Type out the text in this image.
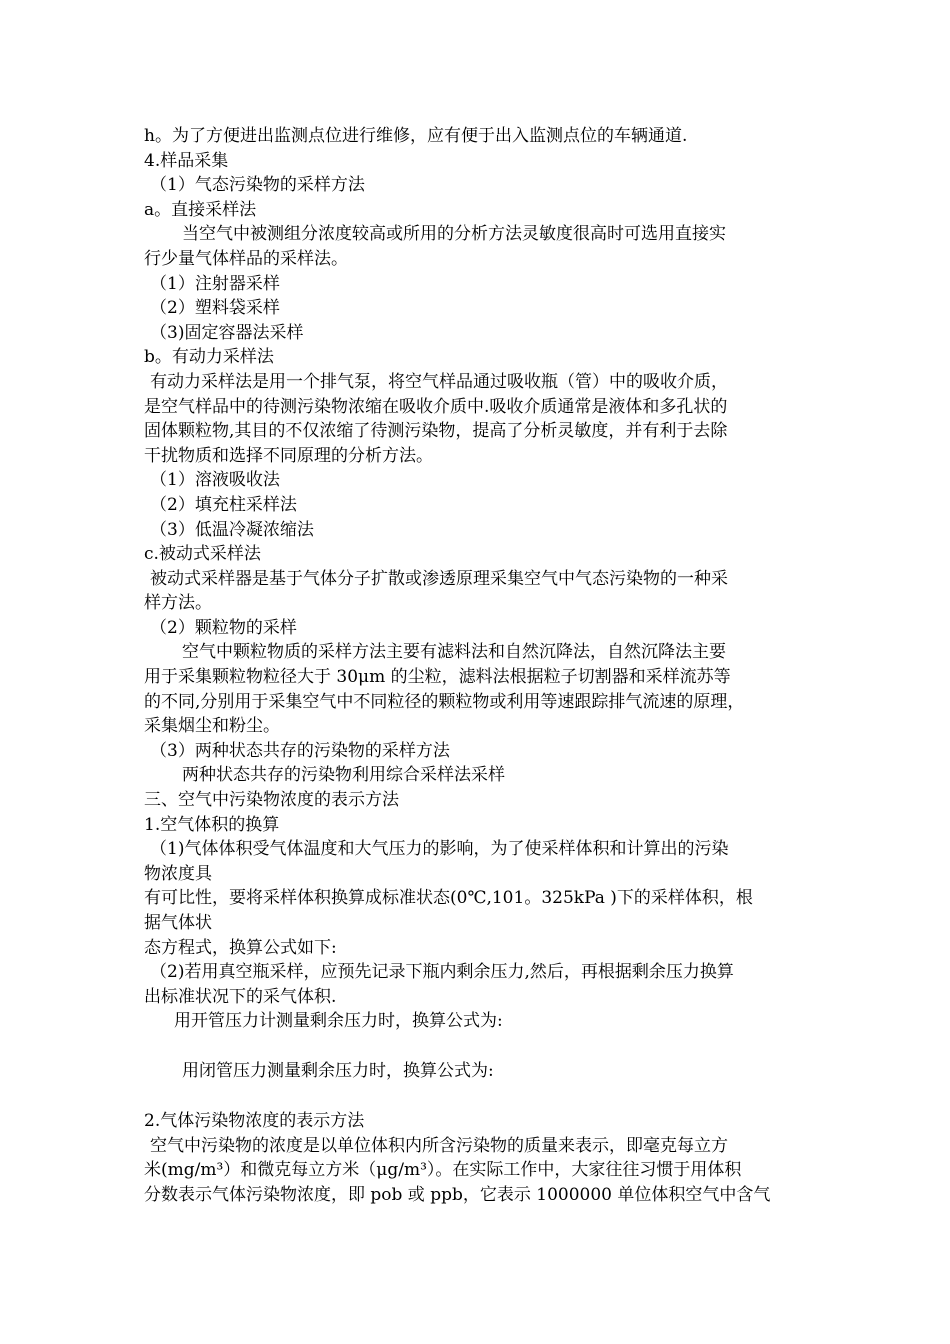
h。为了方便进出监测点位进行维修，应有便于出入监测点位的车辆通道.
4.样品采集
（1）气态污染物的采样方法
a。直接采样法
当空气中被测组分浓度较高或所用的分析方法灵敏度很高时可选用直接实
行少量气体样品的采样法。
（1）注射器采样
（2）塑料袋采样
（3)固定容器法采样
b。有动力采样法
有动力采样法是用一个排气泵，将空气样品通过吸收瓶（管）中的吸收介质，
是空气样品中的待测污染物浓缩在吸收介质中.吸收介质通常是液体和多孔状的
固体颗粒物,其目的不仅浓缩了待测污染物，提高了分析灵敏度，并有利于去除
干扰物质和选择不同原理的分析方法。
（1）溶液吸收法
（2）填充柱采样法
（3）低温冷凝浓缩法
c.被动式采样法
被动式采样器是基于气体分子扩散或渗透原理采集空气中气态污染物的一种采
样方法。
（2）颗粒物的采样
空气中颗粒物质的采样方法主要有滤料法和自然沉降法，自然沉降法主要
用于采集颗粒物粒径大于 30μm 的尘粒，滤料法根据粒子切割器和采样流苏等
的不同,分别用于采集空气中不同粒径的颗粒物或利用等速跟踪排气流速的原理，
采集烟尘和粉尘。
（3）两种状态共存的污染物的采样方法
两种状态共存的污染物利用综合采样法采样
三、空气中污染物浓度的表示方法
1.空气体积的换算
（1)气体体积受气体温度和大气压力的影响，为了使采样体积和计算出的污染
物浓度具
有可比性，要将采样体积换算成标准状态(0℃,101。325kPa )下的采样体积，根
据气体状
态方程式，换算公式如下:
（2)若用真空瓶采样，应预先记录下瓶内剩余压力,然后，再根据剩余压力换算
出标准状况下的采气体积.
用开管压力计测量剩余压力时，换算公式为:
用闭管压力测量剩余压力时，换算公式为:
2.气体污染物浓度的表示方法
空气中污染物的浓度是以单位体积内所含污染物的质量来表示，即毫克每立方
米(mg/m³）和微克每立方米（μg/m³）。在实际工作中，大家往往习惯于用体积
分数表示气体污染物浓度，即 pob 或 ppb，它表示 1000000 单位体积空气中含气
